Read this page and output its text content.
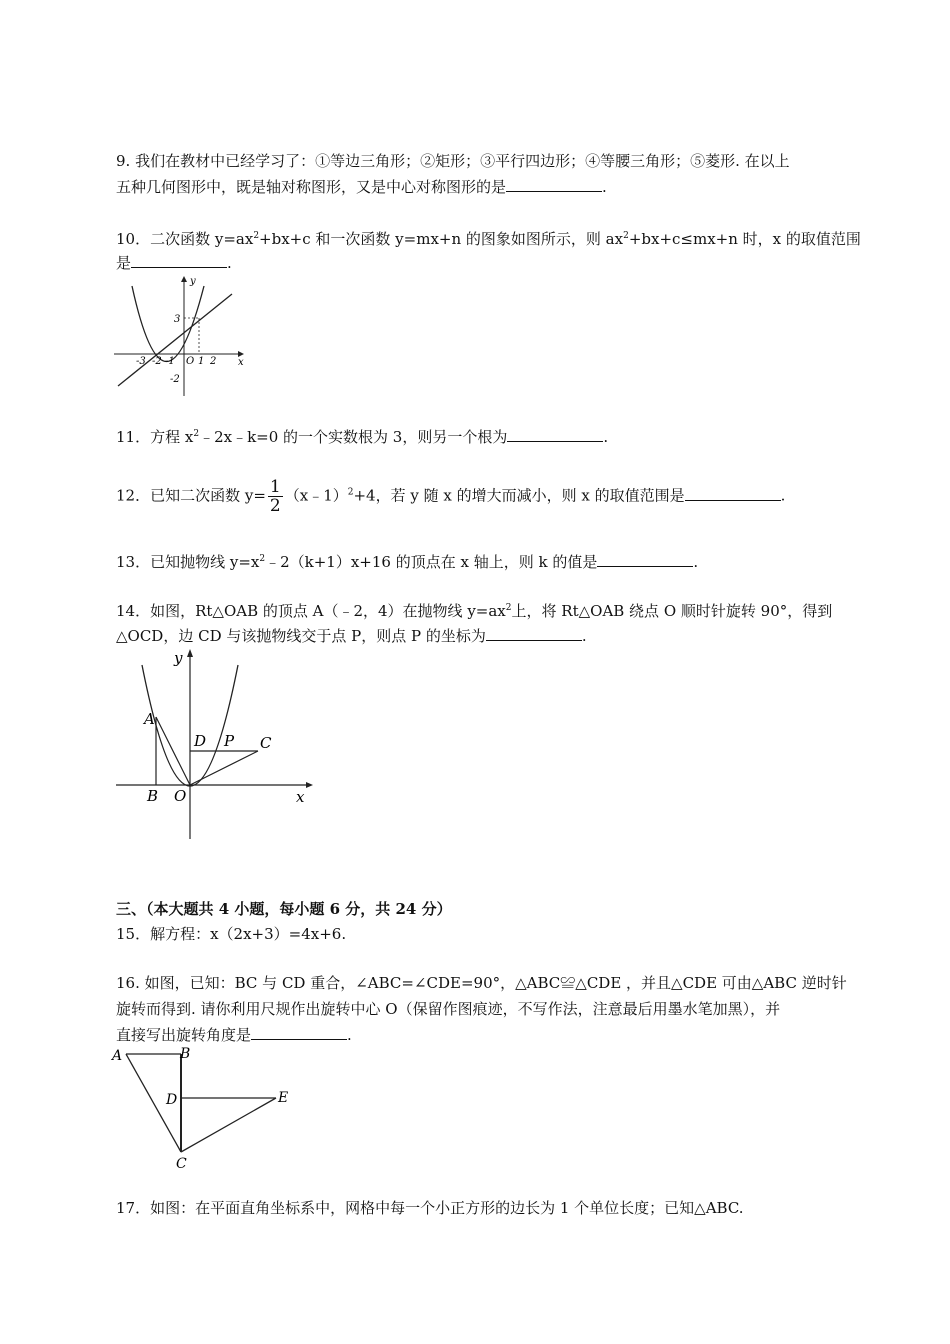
9. 我们在教材中已经学习了：①等边三角形；②矩形；③平行四边形；④等腰三角形；⑤菱形. 在以上
五种几何图形中，既是轴对称图形，又是中心对称图形的是	.
10．二次函数 $y=ax^2+bx+c$ 和一次函数 y=mx+n 的图象如图所示，则 $ax^2+bx+c\le mx+n$ 时，x 的取值范围
是	.
y
x
3
-2
-3 -2 -1 O 1 2
11．方程 $x^2﹣2x﹣k=0$ 的一个实数根为 3，则另一个根为	.
12．已知二次函数 $y= \frac{1}{2}$ （x﹣1）$^2$+4，若 y 随 x 的增大而减小，则 x 的取值范围是	.
13．已知抛物线 $y=x^2﹣2(k+1)x+16$ 的顶点在 x 轴上，则 k 的值是	.
14．如图，Rt△OAB 的顶点 A（﹣2，4）在抛物线 $y=ax^2$上，将 Rt△OAB 绕点 O 顺时针旋转 90°，得到
△OCD，边 CD 与该抛物线交于点 P，则点 P 的坐标为	.
y
x
A
B O
D P C
三、（本大题共 4 小题，每小题 6 分，共 24 分）
15．解方程：x（2x+3）=4x+6.
16. 如图，已知：BC 与 CD 重合，∠ABC=∠CDE=90°，△ABC≌△CDE ，并且△CDE 可由△ABC 逆时针
旋转而得到. 请你利用尺规作出旋转中心 O（保留作图痕迹，不写作法，注意最后用墨水笔加黑），并
直接写出旋转角度是	.
A	B
D	E
C
17．如图：在平面直角坐标系中，网格中每一个小正方形的边长为 1 个单位长度；已知△ABC.
